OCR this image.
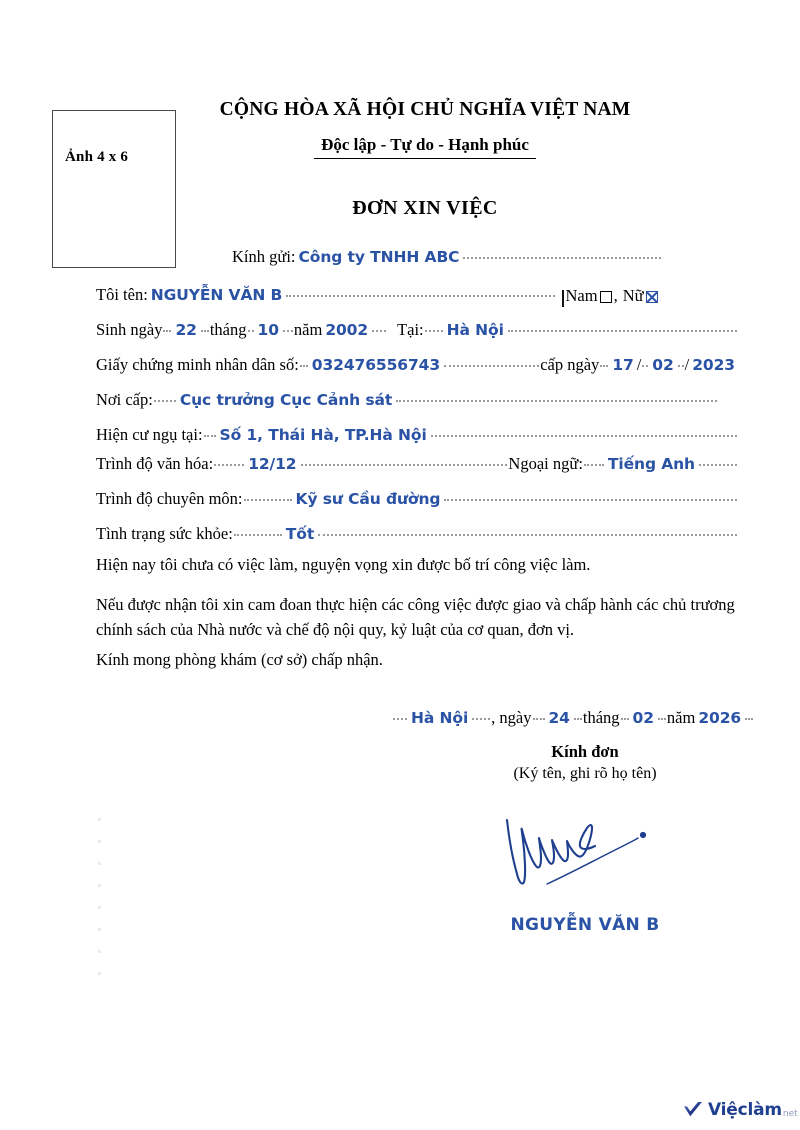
Ảnh 4 x 6
CỘNG HÒA XÃ HỘI CHỦ NGHĨA VIỆT NAM
Độc lập - Tự do - Hạnh phúc
ĐƠN XIN VIỆC
Kính gửi: Công ty TNHH ABC
Tôi tên: NGUYỄN VĂN B	Nam , Nữ
Sinh ngày 22 tháng 10 năm 2002 Tại: Hà Nội
Giấy chứng minh nhân dân số: 032476556743	cấp ngày 17 / 02 / 2023
Nơi cấp: Cục trưởng Cục Cảnh sát
Hiện cư ngụ tại: Số 1, Thái Hà, TP.Hà Nội
Trình độ văn hóa: 12/12	Ngoại ngữ: Tiếng Anh
Trình độ chuyên môn:	Kỹ sư Cầu đường
Tình trạng sức khỏe:	Tốt
Hiện nay tôi chưa có việc làm, nguyện vọng xin được bố trí công việc làm.
Nếu được nhận tôi xin cam đoan thực hiện các công việc được giao và chấp hành các chủ trương chính sách của Nhà nước và chế độ nội quy, kỷ luật của cơ quan, đơn vị.
Kính mong phòng khám (cơ sở) chấp nhận.
Hà Nội , ngày 24 tháng 02 năm 2026
Kính đơn
(Ký tên, ghi rõ họ tên)
NGUYỄN VĂN B
Việclàm net
